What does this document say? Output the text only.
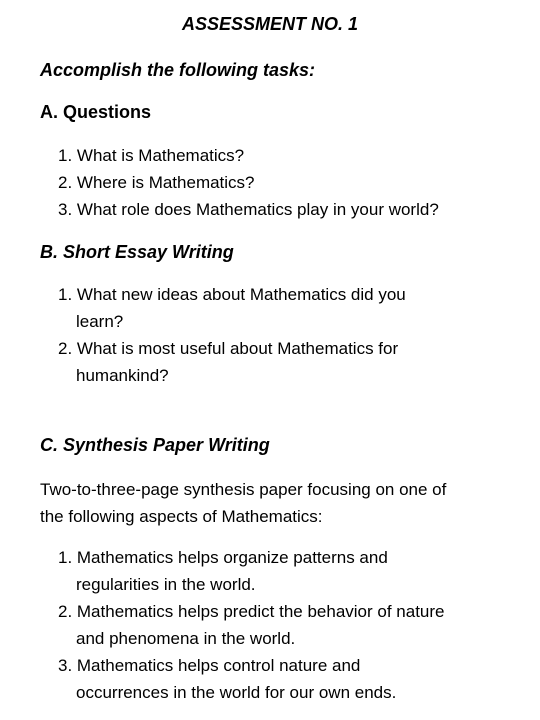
ASSESSMENT NO. 1
Accomplish the following tasks:
A. Questions
1. What is Mathematics?
2. Where is Mathematics?
3. What role does Mathematics play in your world?
B. Short Essay Writing
1. What new ideas about Mathematics did you
learn?
2. What is most useful about Mathematics for
humankind?
C. Synthesis Paper Writing
Two-to-three-page synthesis paper focusing on one of
the following aspects of Mathematics:
1. Mathematics helps organize patterns and
regularities in the world.
2. Mathematics helps predict the behavior of nature
and phenomena in the world.
3. Mathematics helps control nature and
occurrences in the world for our own ends.
